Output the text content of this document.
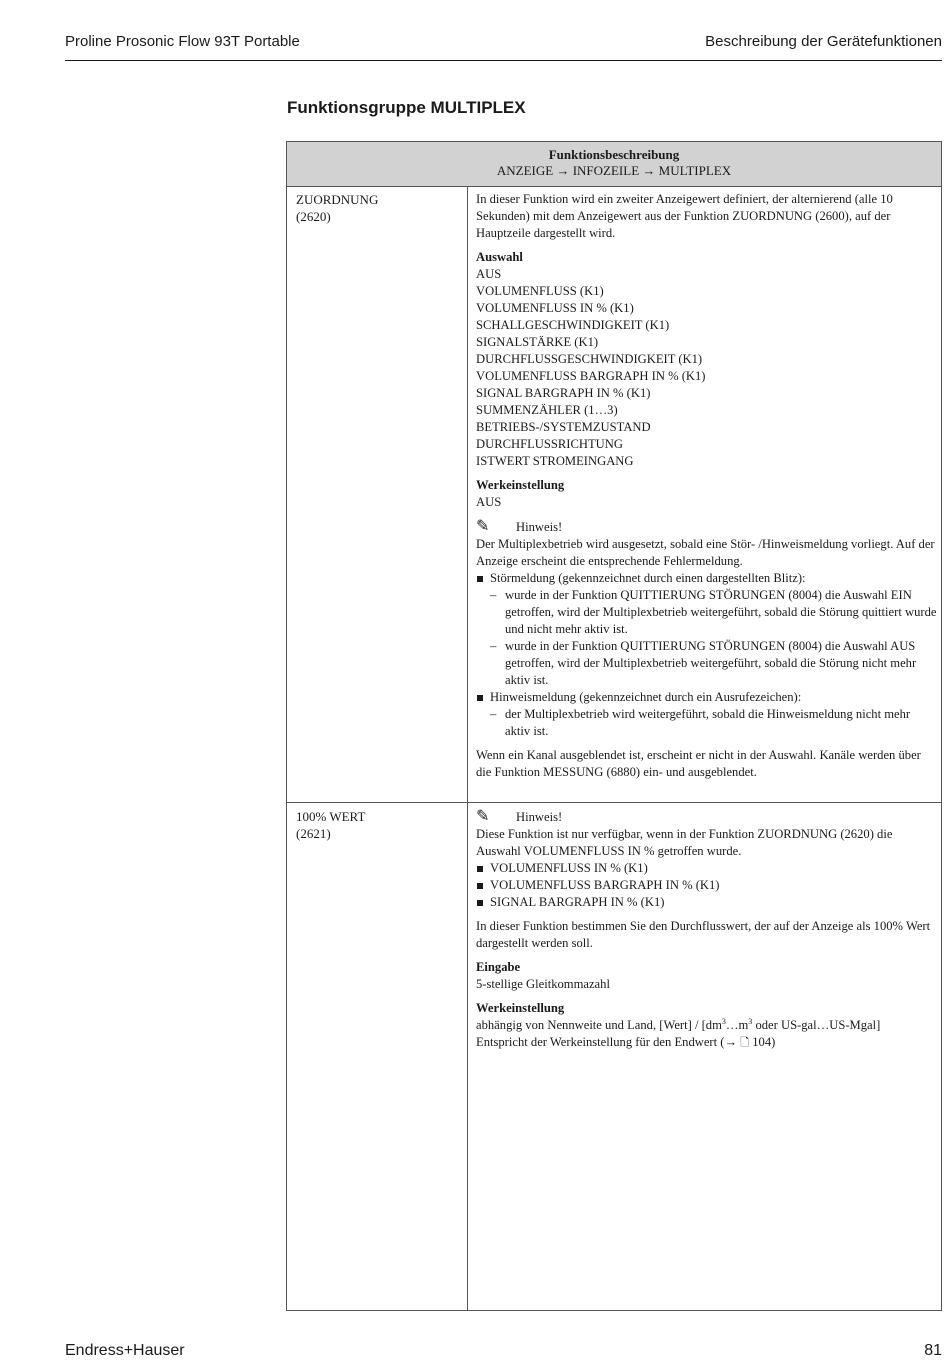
Proline Prosonic Flow 93T Portable	Beschreibung der Gerätefunktionen
Funktionsgruppe MULTIPLEX
Funktionsbeschreibung
ANZEIGE → INFOZEILE → MULTIPLEX
ZUORDNUNG
(2620)

In dieser Funktion wird ein zweiter Anzeigewert definiert, der alternierend (alle 10 Sekunden) mit dem Anzeigewert aus der Funktion ZUORDNUNG (2600), auf der Hauptzeile dargestellt wird.

Auswahl
AUS
VOLUMENFLUSS (K1)
VOLUMENFLUSS IN % (K1)
SCHALLGESCHWINDIGKEIT (K1)
SIGNALSTÄRKE (K1)
DURCHFLUSSGESCHWINDIGKEIT (K1)
VOLUMENFLUSS BARGRAPH IN % (K1)
SIGNAL BARGRAPH IN % (K1)
SUMMENZÄHLER (1…3)
BETRIEBS-/SYSTEMZUSTAND
DURCHFLUSSRICHTUNG
ISTWERT STROMEINGANG

Werkeinstellung
AUS

✎ Hinweis!
Der Multiplexbetrieb wird ausgesetzt, sobald eine Stör- /Hinweismeldung vorliegt. Auf der Anzeige erscheint die entsprechende Fehlermeldung.
Störmeldung (gekennzeichnet durch einen dargestellten Blitz):
– wurde in der Funktion QUITTIERUNG STÖRUNGEN (8004) die Auswahl EIN getroffen, wird der Multiplexbetrieb weitergeführt, sobald die Störung quittiert wurde und nicht mehr aktiv ist.
– wurde in der Funktion QUITTIERUNG STÖRUNGEN (8004) die Auswahl AUS getroffen, wird der Multiplexbetrieb weitergeführt, sobald die Störung nicht mehr aktiv ist.
Hinweismeldung (gekennzeichnet durch ein Ausrufezeichen):
– der Multiplexbetrieb wird weitergeführt, sobald die Hinweismeldung nicht mehr aktiv ist.

Wenn ein Kanal ausgeblendet ist, erscheint er nicht in der Auswahl. Kanäle werden über die Funktion MESSUNG (6880) ein- und ausgeblendet.

100% WERT
(2621)
✎ Hinweis!
Diese Funktion ist nur verfügbar, wenn in der Funktion ZUORDNUNG (2620) die Auswahl VOLUMENFLUSS IN % getroffen wurde.
VOLUMENFLUSS IN % (K1)
VOLUMENFLUSS BARGRAPH IN % (K1)
SIGNAL BARGRAPH IN % (K1)

In dieser Funktion bestimmen Sie den Durchflusswert, der auf der Anzeige als 100% Wert dargestellt werden soll.

Eingabe
5-stellige Gleitkommazahl

Werkeinstellung
abhängig von Nennweite und Land, [Wert] / [$dm^3\dots m^3$ oder US-gal…US-Mgal]
Entspricht der Werkeinstellung für den Endwert (→ 🗋 104)

Endress+Hauser	81
